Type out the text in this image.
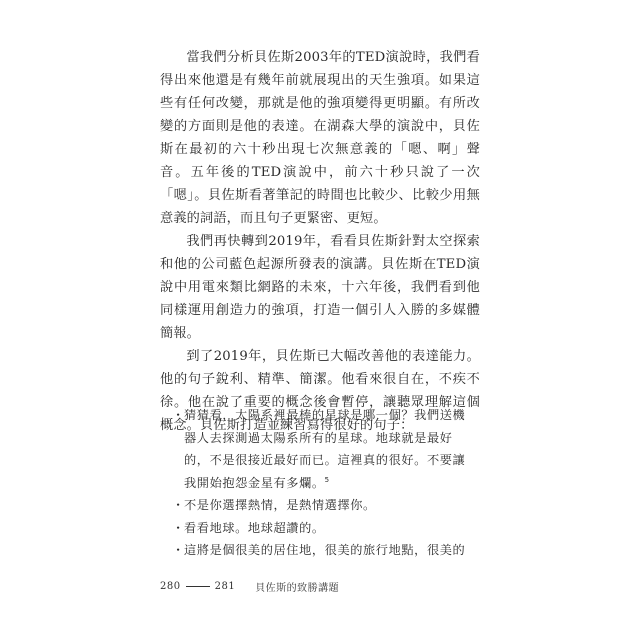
當我們分析貝佐斯2003年的TED演說時，我們看得出來他還是有幾年前就展現出的天生強項。如果這些有任何改變，那就是他的強項變得更明顯。有所改變的方面則是他的表達。在湖森大學的演說中，貝佐斯在最初的六十秒出現七次無意義的「嗯、啊」聲音。五年後的TED演說中，前六十秒只說了一次「嗯」。貝佐斯看著筆記的時間也比較少、比較少用無意義的詞語，而且句子更緊密、更短。

我們再快轉到2019年，看看貝佐斯針對太空探索和他的公司藍色起源所發表的演講。貝佐斯在TED演說中用電來類比網路的未來，十六年後，我們看到他同樣運用創造力的強項，打造一個引人入勝的多媒體簡報。

到了2019年，貝佐斯已大幅改善他的表達能力。他的句子銳利、精準、簡潔。他看來很自在，不疾不徐。他在說了重要的概念後會暫停，讓聽眾理解這個概念。貝佐斯打造並練習寫得很好的句子：

・ 猜猜看，太陽系裡最棒的星球是哪一個？我們送機器人去探測過太陽系所有的星球。地球就是最好的，不是很接近最好而已。這裡真的很好。不要讓我開始抱怨金星有多爛。$^5$
・ 不是你選擇熱情，是熱情選擇你。
・ 看看地球。地球超讚的。
・ 這將是個很美的居住地，很美的旅行地點，很美的
280	281 貝佐斯的致勝講題
